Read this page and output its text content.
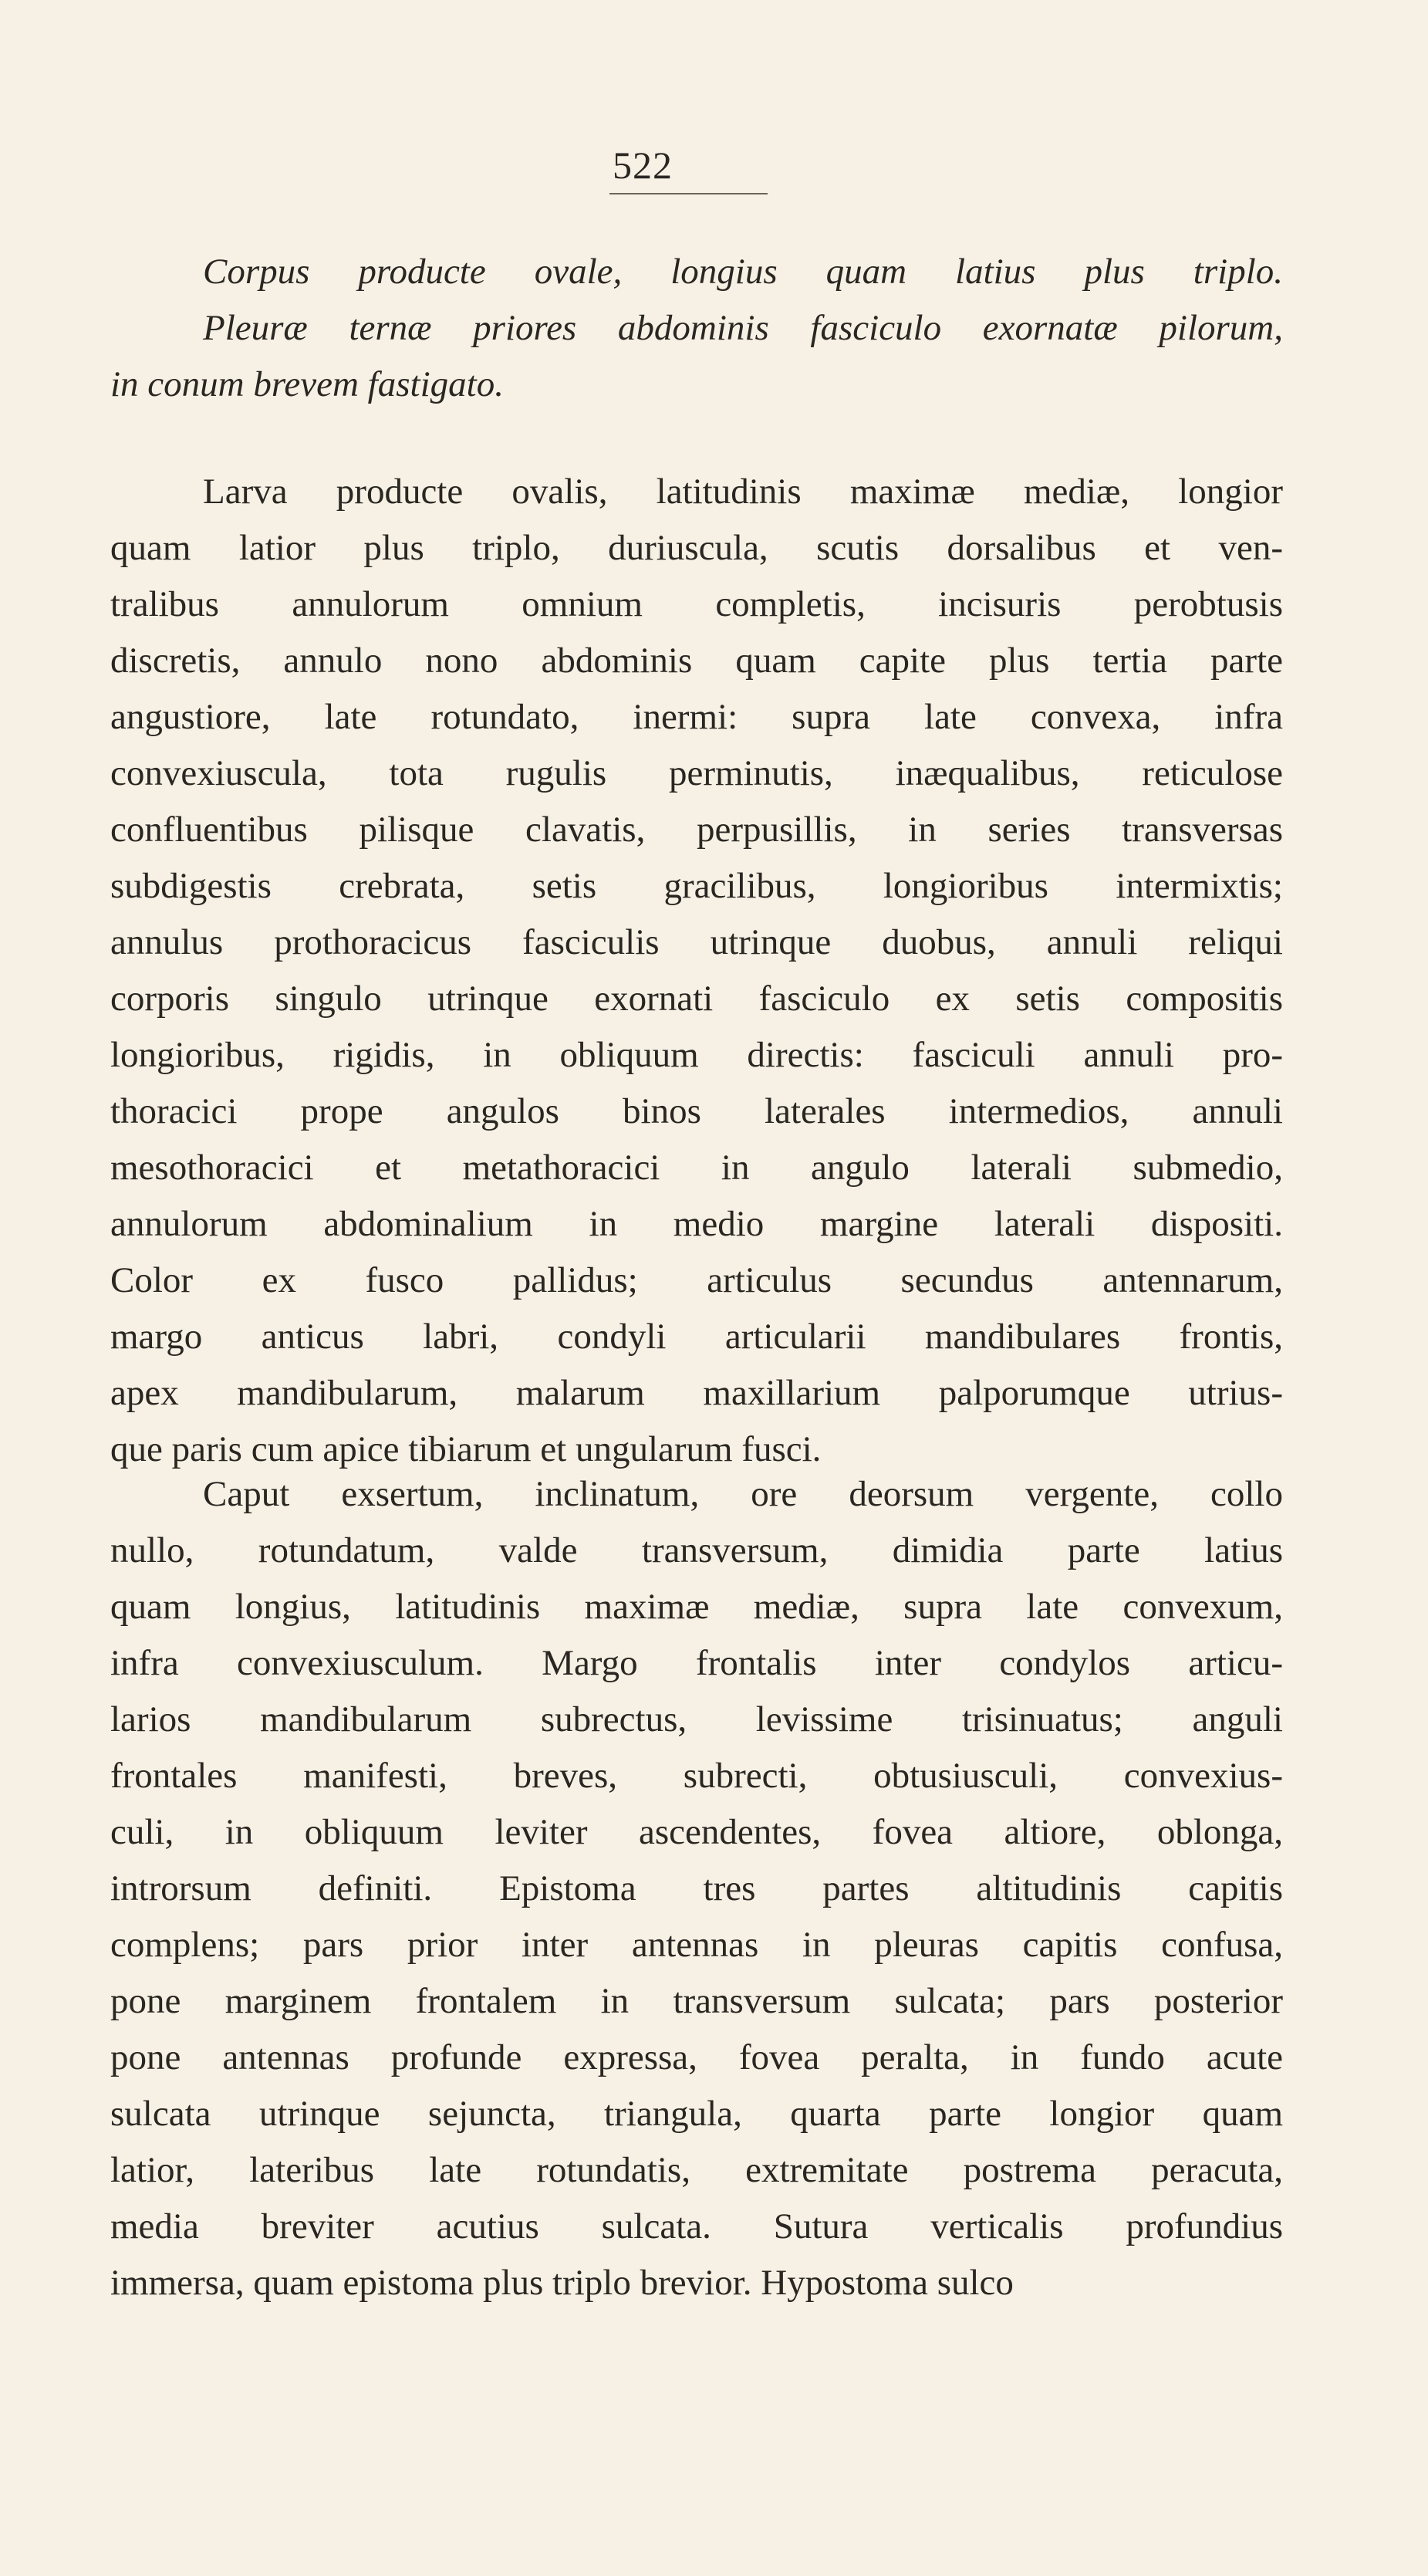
522
Corpus producte ovale, longius quam latius plus triplo.
Pleuræ ternæ priores abdominis fasciculo exornatæ pilorum,
in conum brevem fastigato.
Larva producte ovalis, latitudinis maximæ mediæ, longior
quam latior plus triplo, duriuscula, scutis dorsalibus et ven-
tralibus annulorum omnium completis, incisuris perobtusis
discretis, annulo nono abdominis quam capite plus tertia parte
angustiore, late rotundato, inermi: supra late convexa, infra
convexiuscula, tota rugulis perminutis, inæqualibus, reticulose
confluentibus pilisque clavatis, perpusillis, in series transversas
subdigestis crebrata, setis gracilibus, longioribus intermixtis;
annulus prothoracicus fasciculis utrinque duobus, annuli reliqui
corporis singulo utrinque exornati fasciculo ex setis compositis
longioribus, rigidis, in obliquum directis: fasciculi annuli pro-
thoracici prope angulos binos laterales intermedios, annuli
mesothoracici et metathoracici in angulo laterali submedio,
annulorum abdominalium in medio margine laterali dispositi.
Color ex fusco pallidus; articulus secundus antennarum,
margo anticus labri, condyli articularii mandibulares frontis,
apex mandibularum, malarum maxillarium palporumque utrius-
que paris cum apice tibiarum et ungularum fusci.
Caput exsertum, inclinatum, ore deorsum vergente, collo
nullo, rotundatum, valde transversum, dimidia parte latius
quam longius, latitudinis maximæ mediæ, supra late convexum,
infra convexiusculum. Margo frontalis inter condylos articu-
larios mandibularum subrectus, levissime trisinuatus; anguli
frontales manifesti, breves, subrecti, obtusiusculi, convexius-
culi, in obliquum leviter ascendentes, fovea altiore, oblonga,
introrsum definiti. Epistoma tres partes altitudinis capitis
complens; pars prior inter antennas in pleuras capitis confusa,
pone marginem frontalem in transversum sulcata; pars posterior
pone antennas profunde expressa, fovea peralta, in fundo acute
sulcata utrinque sejuncta, triangula, quarta parte longior quam
latior, lateribus late rotundatis, extremitate postrema peracuta,
media breviter acutius sulcata. Sutura verticalis profundius
immersa, quam epistoma plus triplo brevior. Hypostoma sulco
